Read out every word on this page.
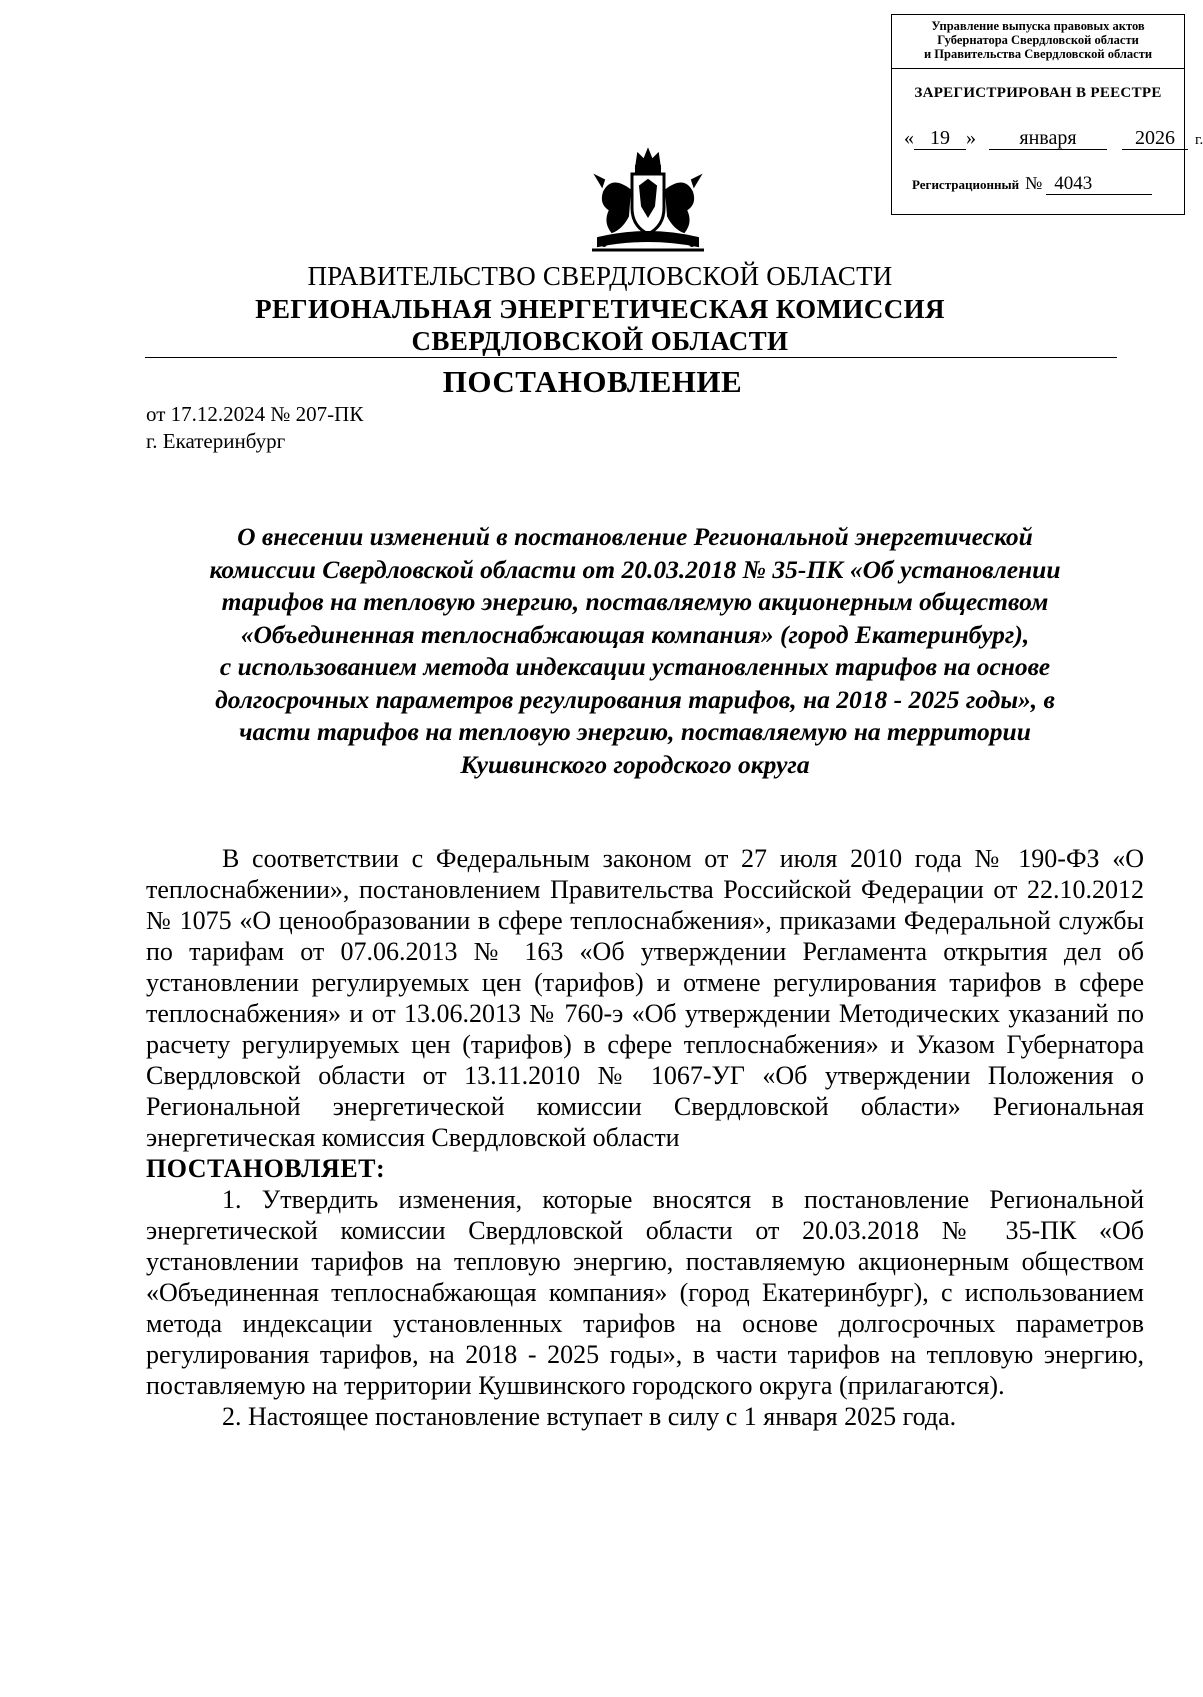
Управление выпуска правовых актов
Губернатора Свердловской области
и Правительства Свердловской области
ЗАРЕГИСТРИРОВАН В РЕЕСТРЕ
« 19 » января	2026 г.
Регистрационный № 4043
ПРАВИТЕЛЬСТВО СВЕРДЛОВСКОЙ ОБЛАСТИ
РЕГИОНАЛЬНАЯ ЭНЕРГЕТИЧЕСКАЯ КОМИССИЯ
СВЕРДЛОВСКОЙ ОБЛАСТИ
ПОСТАНОВЛЕНИЕ
от 17.12.2024 № 207-ПК
г. Екатеринбург
О внесении изменений в постановление Региональной энергетической
комиссии Свердловской области от 20.03.2018 № 35-ПК «Об установлении
тарифов на тепловую энергию, поставляемую акционерным обществом
«Объединенная теплоснабжающая компания» (город Екатеринбург),
с использованием метода индексации установленных тарифов на основе
долгосрочных параметров регулирования тарифов, на 2018 - 2025 годы», в
части тарифов на тепловую энергию, поставляемую на территории
Кушвинского городского округа

В соответствии с Федеральным законом от 27 июля 2010 года № 190-ФЗ «О теплоснабжении», постановлением Правительства Российской Федерации от 22.10.2012 № 1075 «О ценообразовании в сфере теплоснабжения», приказами Федеральной службы по тарифам от 07.06.2013 № 163 «Об утверждении Регламента открытия дел об установлении регулируемых цен (тарифов) и отмене регулирования тарифов в сфере теплоснабжения» и от 13.06.2013 № 760-э «Об утверждении Методических указаний по расчету регулируемых цен (тарифов) в сфере теплоснабжения» и Указом Губернатора Свердловской области от 13.11.2010 № 1067-УГ «Об утверждении Положения о Региональной энергетической комиссии Свердловской области» Региональная энергетическая комиссия Свердловской области

ПОСТАНОВЛЯЕТ:

1. Утвердить изменения, которые вносятся в постановление Региональной энергетической комиссии Свердловской области от 20.03.2018 № 35-ПК «Об установлении тарифов на тепловую энергию, поставляемую акционерным обществом «Объединенная теплоснабжающая компания» (город Екатеринбург), с использованием метода индексации установленных тарифов на основе долгосрочных параметров регулирования тарифов, на 2018 - 2025 годы», в части тарифов на тепловую энергию, поставляемую на территории Кушвинского городского округа (прилагаются).

2. Настоящее постановление вступает в силу с 1 января 2025 года.
